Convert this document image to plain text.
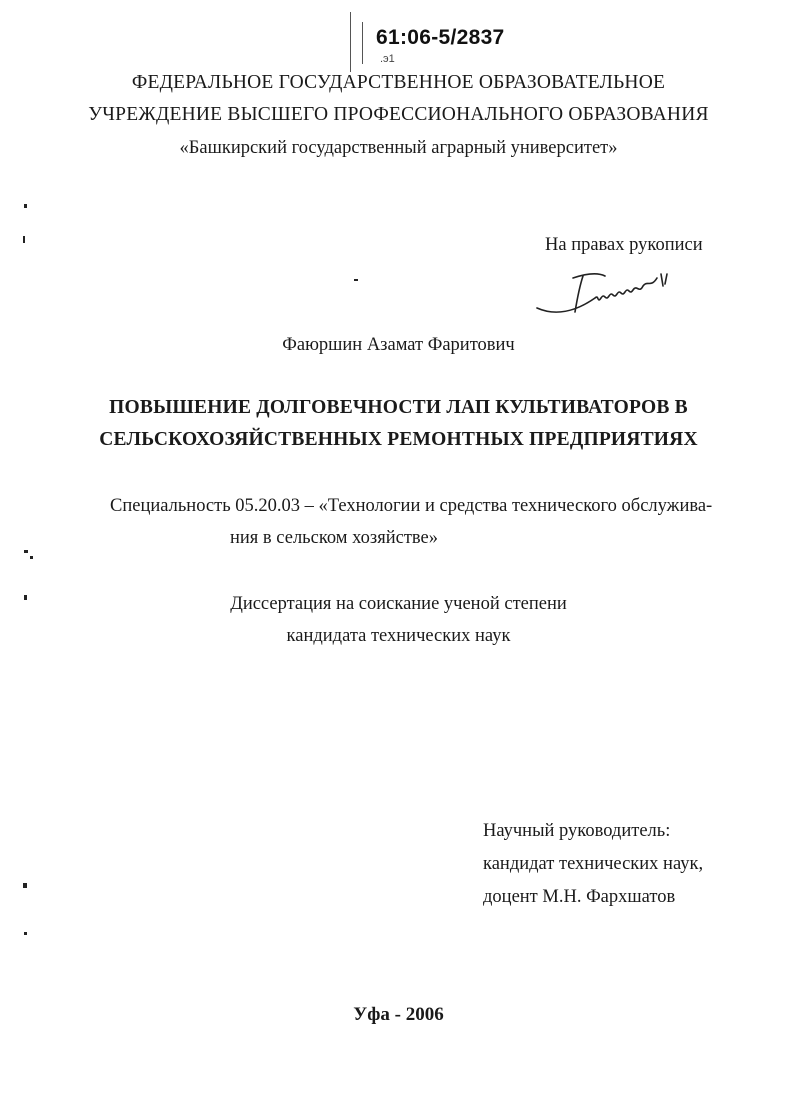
61:06-5/2837
.э1
ФЕДЕРАЛЬНОЕ ГОСУДАРСТВЕННОЕ ОБРАЗОВАТЕЛЬНОЕ
УЧРЕЖДЕНИЕ ВЫСШЕГО ПРОФЕССИОНАЛЬНОГО ОБРАЗОВАНИЯ
«Башкирский государственный аграрный университет»
На правах рукописи
Фаюршин Азамат Фаритович
ПОВЫШЕНИЕ ДОЛГОВЕЧНОСТИ ЛАП КУЛЬТИВАТОРОВ В
СЕЛЬСКОХОЗЯЙСТВЕННЫХ РЕМОНТНЫХ ПРЕДПРИЯТИЯХ
Специальность 05.20.03 – «Технологии и средства технического обслужива-
ния в сельском хозяйстве»
Диссертация на соискание ученой степени
кандидата технических наук
Научный руководитель:
кандидат технических наук,
доцент М.Н. Фархшатов
Уфа - 2006
